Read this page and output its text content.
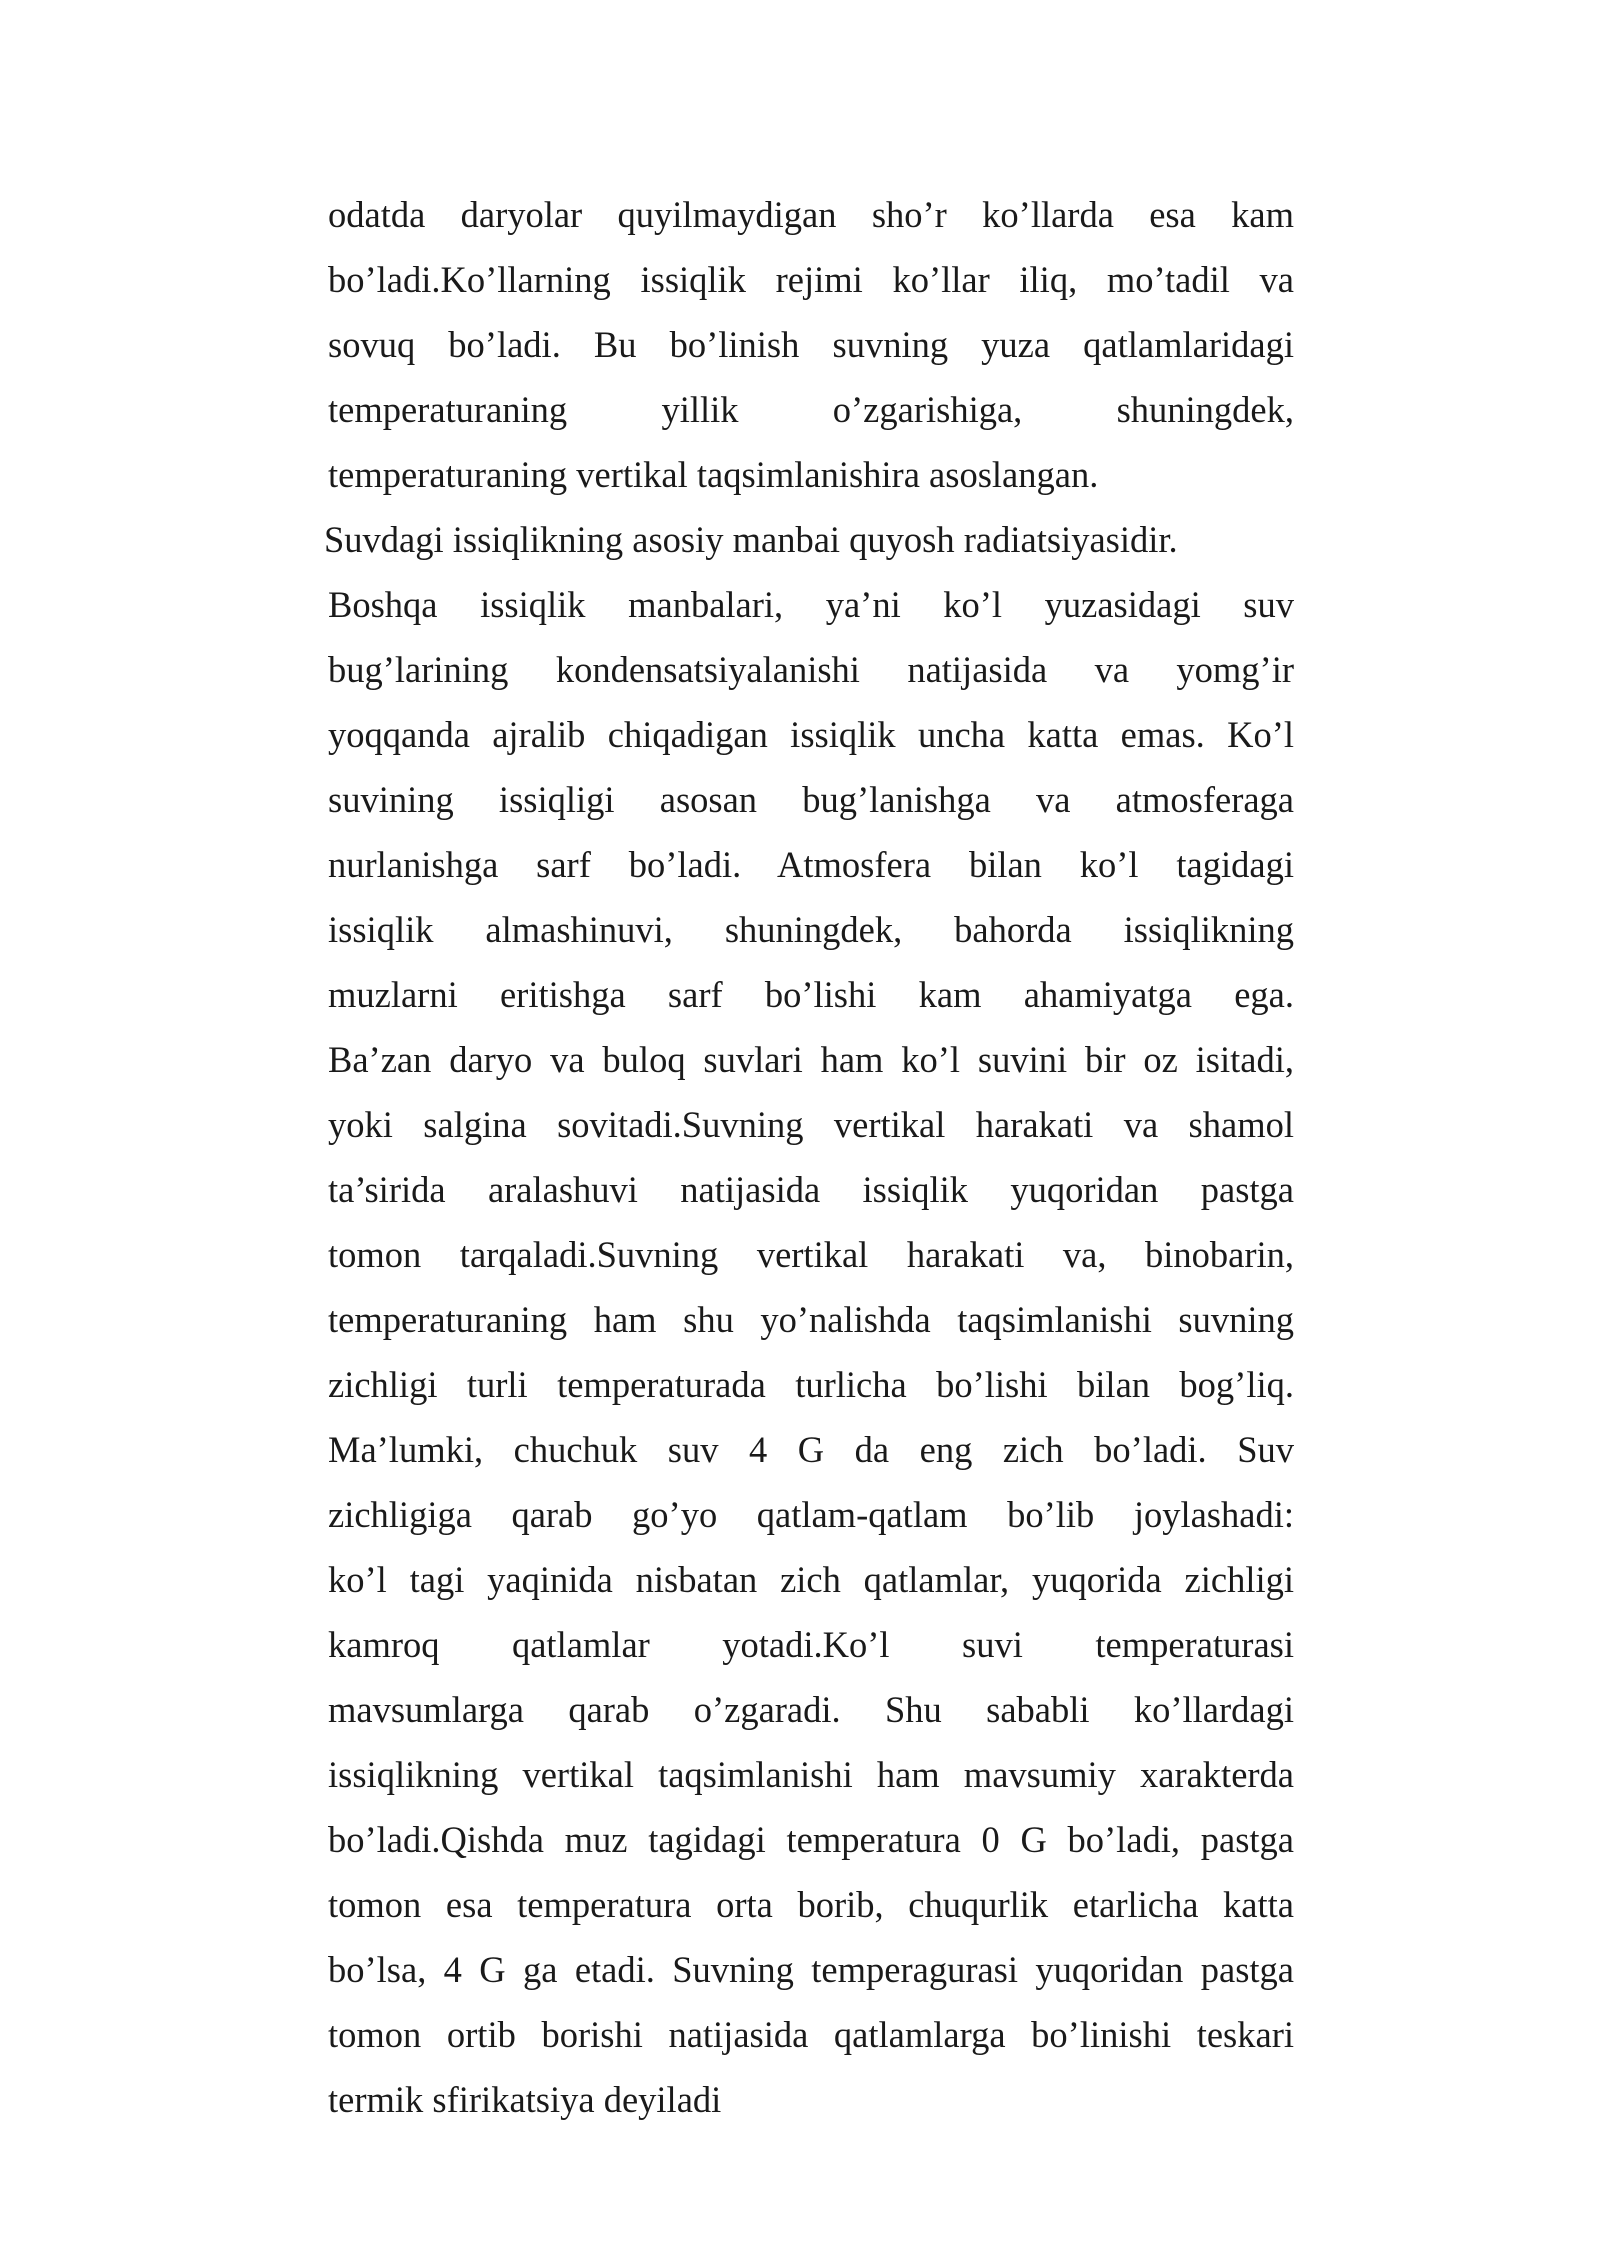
odatda daryolar quyilmaydigan sho’r ko’llarda esa kam
bo’ladi.Ko’llarning issiqlik rejimi ko’llar iliq, mo’tadil va
sovuq bo’ladi. Bu bo’linish suvning yuza qatlamlaridagi
temperaturaning yillik o’zgarishiga, shuningdek,
temperaturaning vertikal taqsimlanishira asoslangan.
Suvdagi issiqlikning asosiy manbai quyosh radiatsiyasidir.
Boshqa issiqlik manbalari, ya’ni ko’l yuzasidagi suv
bug’larining kondensatsiyalanishi natijasida va yomg’ir
yoqqanda ajralib chiqadigan issiqlik uncha katta emas. Ko’l
suvining issiqligi asosan bug’lanishga va atmosferaga
nurlanishga sarf bo’ladi. Atmosfera bilan ko’l tagidagi
issiqlik almashinuvi, shuningdek, bahorda issiqlikning
muzlarni eritishga sarf bo’lishi kam ahamiyatga ega.
Ba’zan daryo va buloq suvlari ham ko’l suvini bir oz isitadi,
yoki salgina sovitadi.Suvning vertikal harakati va shamol
ta’sirida aralashuvi natijasida issiqlik yuqoridan pastga
tomon tarqaladi.Suvning vertikal harakati va, binobarin,
temperaturaning ham shu yo’nalishda taqsimlanishi suvning
zichligi turli temperaturada turlicha bo’lishi bilan bog’liq.
Ma’lumki, chuchuk suv 4 G da eng zich bo’ladi. Suv
zichligiga qarab go’yo qatlam-qatlam bo’lib joylashadi:
ko’l tagi yaqinida nisbatan zich qatlamlar, yuqorida zichligi
kamroq qatlamlar yotadi.Ko’l suvi temperaturasi
mavsumlarga qarab o’zgaradi. Shu sababli ko’llardagi
issiqlikning vertikal taqsimlanishi ham mavsumiy xarakterda
bo’ladi.Qishda muz tagidagi temperatura 0 G bo’ladi, pastga
tomon esa temperatura orta borib, chuqurlik etarlicha katta
bo’lsa, 4 G ga etadi. Suvning temperagurasi yuqoridan pastga
tomon ortib borishi natijasida qatlamlarga bo’linishi teskari
termik sfirikatsiya deyiladi
